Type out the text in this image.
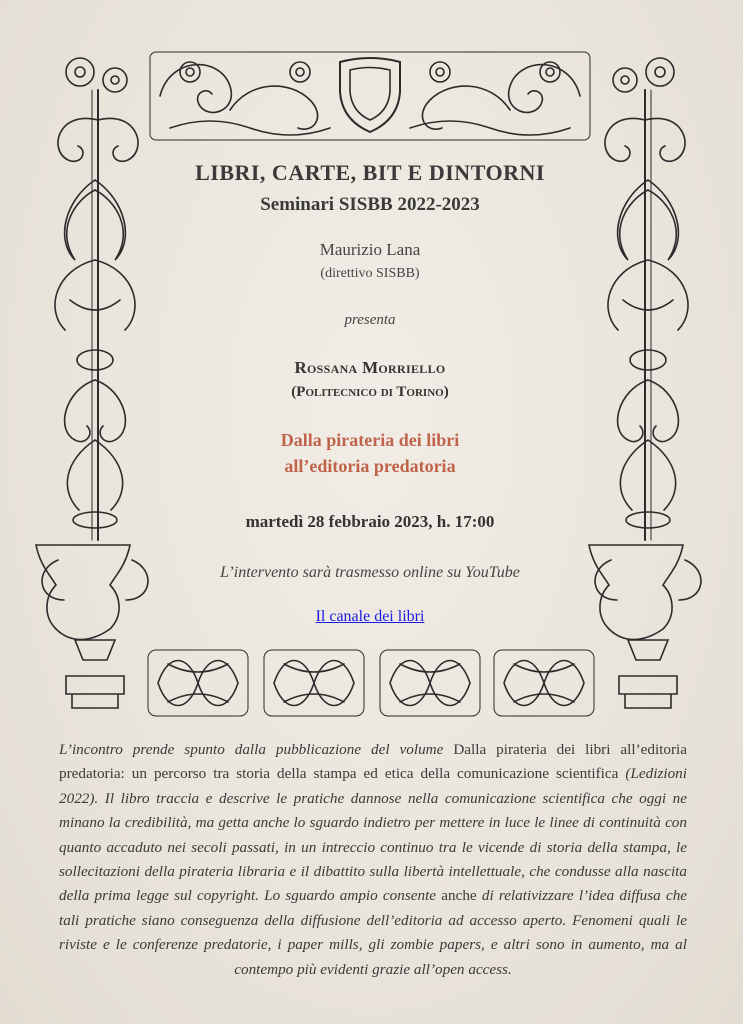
LIBRI, CARTE, BIT E DINTORNI
Seminari SISBB 2022-2023
Maurizio Lana
(direttivo SISBB)
presenta
Rossana Morriello
(Politecnico di Torino)
Dalla pirateria dei libri
all’editoria predatoria
martedì 28 febbraio 2023, h. 17:00
L’intervento sarà trasmesso online su YouTube
Il canale dei libri
L’incontro prende spunto dalla pubblicazione del volume Dalla pirateria dei libri all’editoria predatoria: un percorso tra storia della stampa ed etica della comunicazione scientifica (Ledizioni 2022). Il libro traccia e descrive le pratiche dannose nella comunicazione scientifica che oggi ne minano la credibilità, ma getta anche lo sguardo indietro per mettere in luce le linee di continuità con quanto accaduto nei secoli passati, in un intreccio continuo tra le vicende di storia della stampa, le sollecitazioni della pirateria libraria e il dibattito sulla libertà intellettuale, che condusse alla nascita della prima legge sul copyright. Lo sguardo ampio consente anche di relativizzare l’idea diffusa che tali pratiche siano conseguenza della diffusione dell’editoria ad accesso aperto. Fenomeni quali le riviste e le conferenze predatorie, i paper mills, gli zombie papers, e altri sono in aumento, ma al contempo più evidenti grazie all’open access.
